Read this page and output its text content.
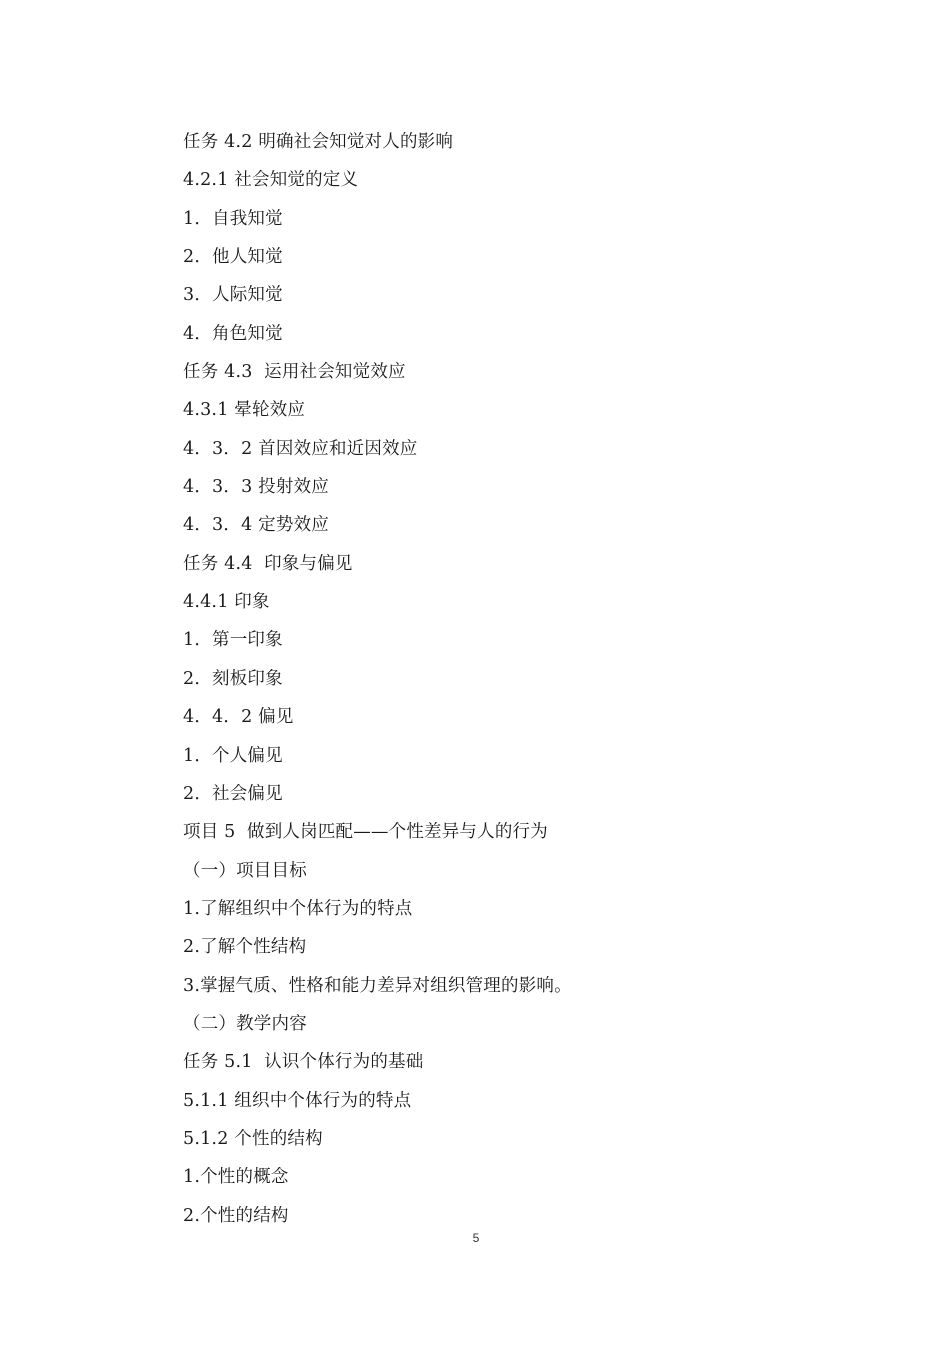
任务 4.2 明确社会知觉对人的影响
4.2.1 社会知觉的定义
1．自我知觉
2．他人知觉
3．人际知觉
4．角色知觉
任务 4.3  运用社会知觉效应
4.3.1 晕轮效应
4．3．2 首因效应和近因效应
4．3．3 投射效应
4．3．4 定势效应
任务 4.4  印象与偏见
4.4.1 印象
1．第一印象
2．刻板印象
4．4．2 偏见
1．个人偏见
2．社会偏见
项目 5  做到人岗匹配——个性差异与人的行为
（一）项目目标
1.了解组织中个体行为的特点
2.了解个性结构
3.掌握气质、性格和能力差异对组织管理的影响。
（二）教学内容
任务 5.1  认识个体行为的基础
5.1.1 组织中个体行为的特点
5.1.2 个性的结构
1.个性的概念
2.个性的结构
5
